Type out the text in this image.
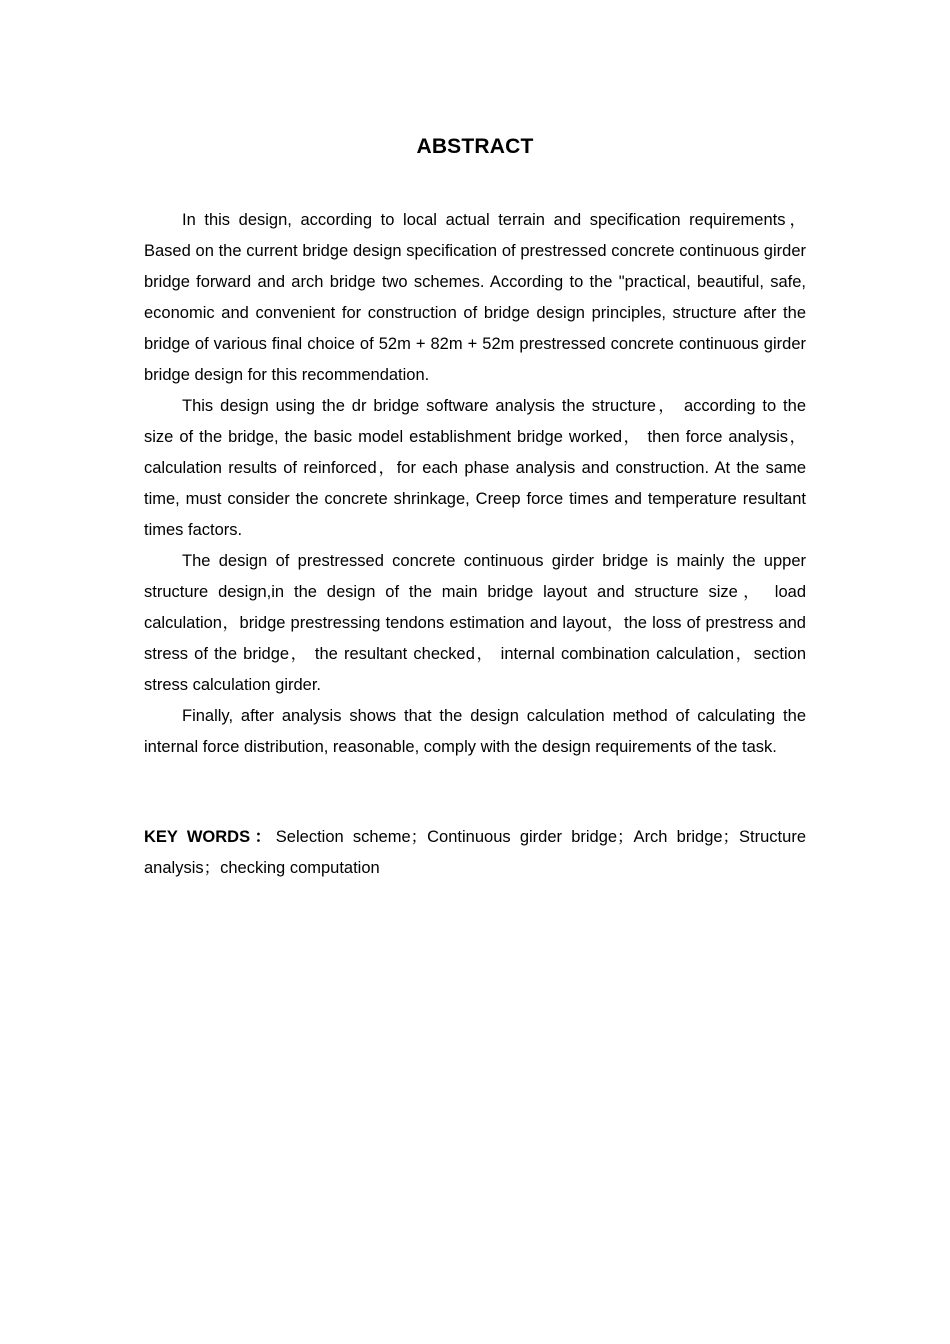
ABSTRACT

In this design, according to local actual terrain and specification requirements， Based on the current bridge design specification of prestressed concrete continuous girder bridge forward and arch bridge two schemes. According to the "practical, beautiful, safe, economic and convenient for construction of bridge design principles, structure after the bridge of various final choice of 52m + 82m + 52m prestressed concrete continuous girder bridge design for this recommendation.

This design using the dr bridge software analysis the structure， according to the size of the bridge, the basic model establishment bridge worked， then force analysis，calculation results of reinforced，for each phase analysis and construction. At the same time, must consider the concrete shrinkage, Creep force times and temperature resultant times factors.

The design of prestressed concrete continuous girder bridge is mainly the upper structure design,in the design of the main bridge layout and structure size， load calculation，bridge prestressing tendons estimation and layout，the loss of prestress and stress of the bridge， the resultant checked， internal combination calculation，section stress calculation girder.

Finally, after analysis shows that the design calculation method of calculating the internal force distribution, reasonable, comply with the design requirements of the task.

KEY WORDS：Selection scheme；Continuous girder bridge；Arch bridge；Structure analysis；checking computation
